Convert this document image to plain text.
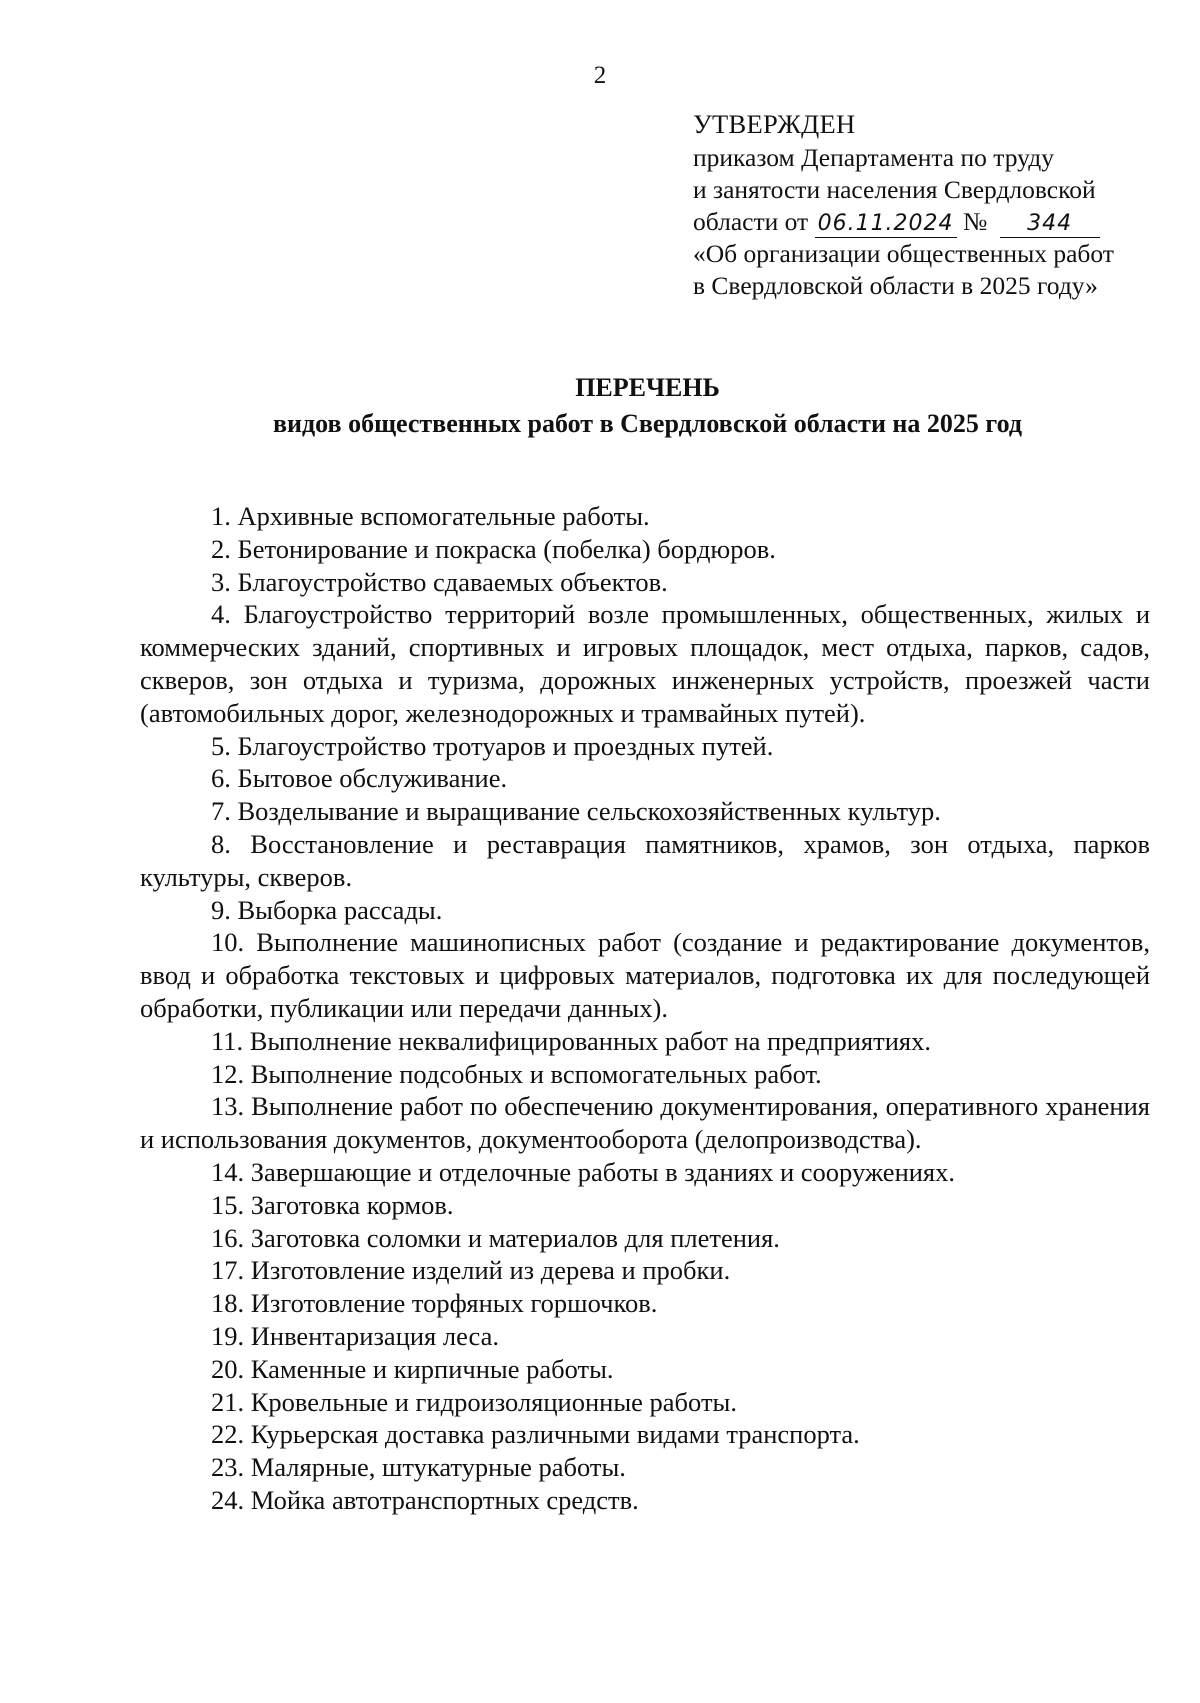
2
УТВЕРЖДЕН
приказом Департамента по труду
и занятости населения Свердловской
области от 06.11.2024 № 344
«Об организации общественных работ
в Свердловской области в 2025 году»
ПЕРЕЧЕНЬ
видов общественных работ в Свердловской области на 2025 год

1. Архивные вспомогательные работы.

2. Бетонирование и покраска (побелка) бордюров.

3. Благоустройство сдаваемых объектов.

4. Благоустройство территорий возле промышленных, общественных, жилых и коммерческих зданий, спортивных и игровых площадок, мест отдыха, парков, садов, скверов, зон отдыха и туризма, дорожных инженерных устройств, проезжей части (автомобильных дорог, железнодорожных и трамвайных путей).

5. Благоустройство тротуаров и проездных путей.

6. Бытовое обслуживание.

7. Возделывание и выращивание сельскохозяйственных культур.

8. Восстановление и реставрация памятников, храмов, зон отдыха, парков культуры, скверов.

9. Выборка рассады.

10. Выполнение машинописных работ (создание и редактирование документов, ввод и обработка текстовых и цифровых материалов, подготовка их для последующей обработки, публикации или передачи данных).

11. Выполнение неквалифицированных работ на предприятиях.

12. Выполнение подсобных и вспомогательных работ.

13. Выполнение работ по обеспечению документирования, оперативного хранения и использования документов, документооборота (делопроизводства).

14. Завершающие и отделочные работы в зданиях и сооружениях.

15. Заготовка кормов.

16. Заготовка соломки и материалов для плетения.

17. Изготовление изделий из дерева и пробки.

18. Изготовление торфяных горшочков.

19. Инвентаризация леса.

20. Каменные и кирпичные работы.

21. Кровельные и гидроизоляционные работы.

22. Курьерская доставка различными видами транспорта.

23. Малярные, штукатурные работы.

24. Мойка автотранспортных средств.
